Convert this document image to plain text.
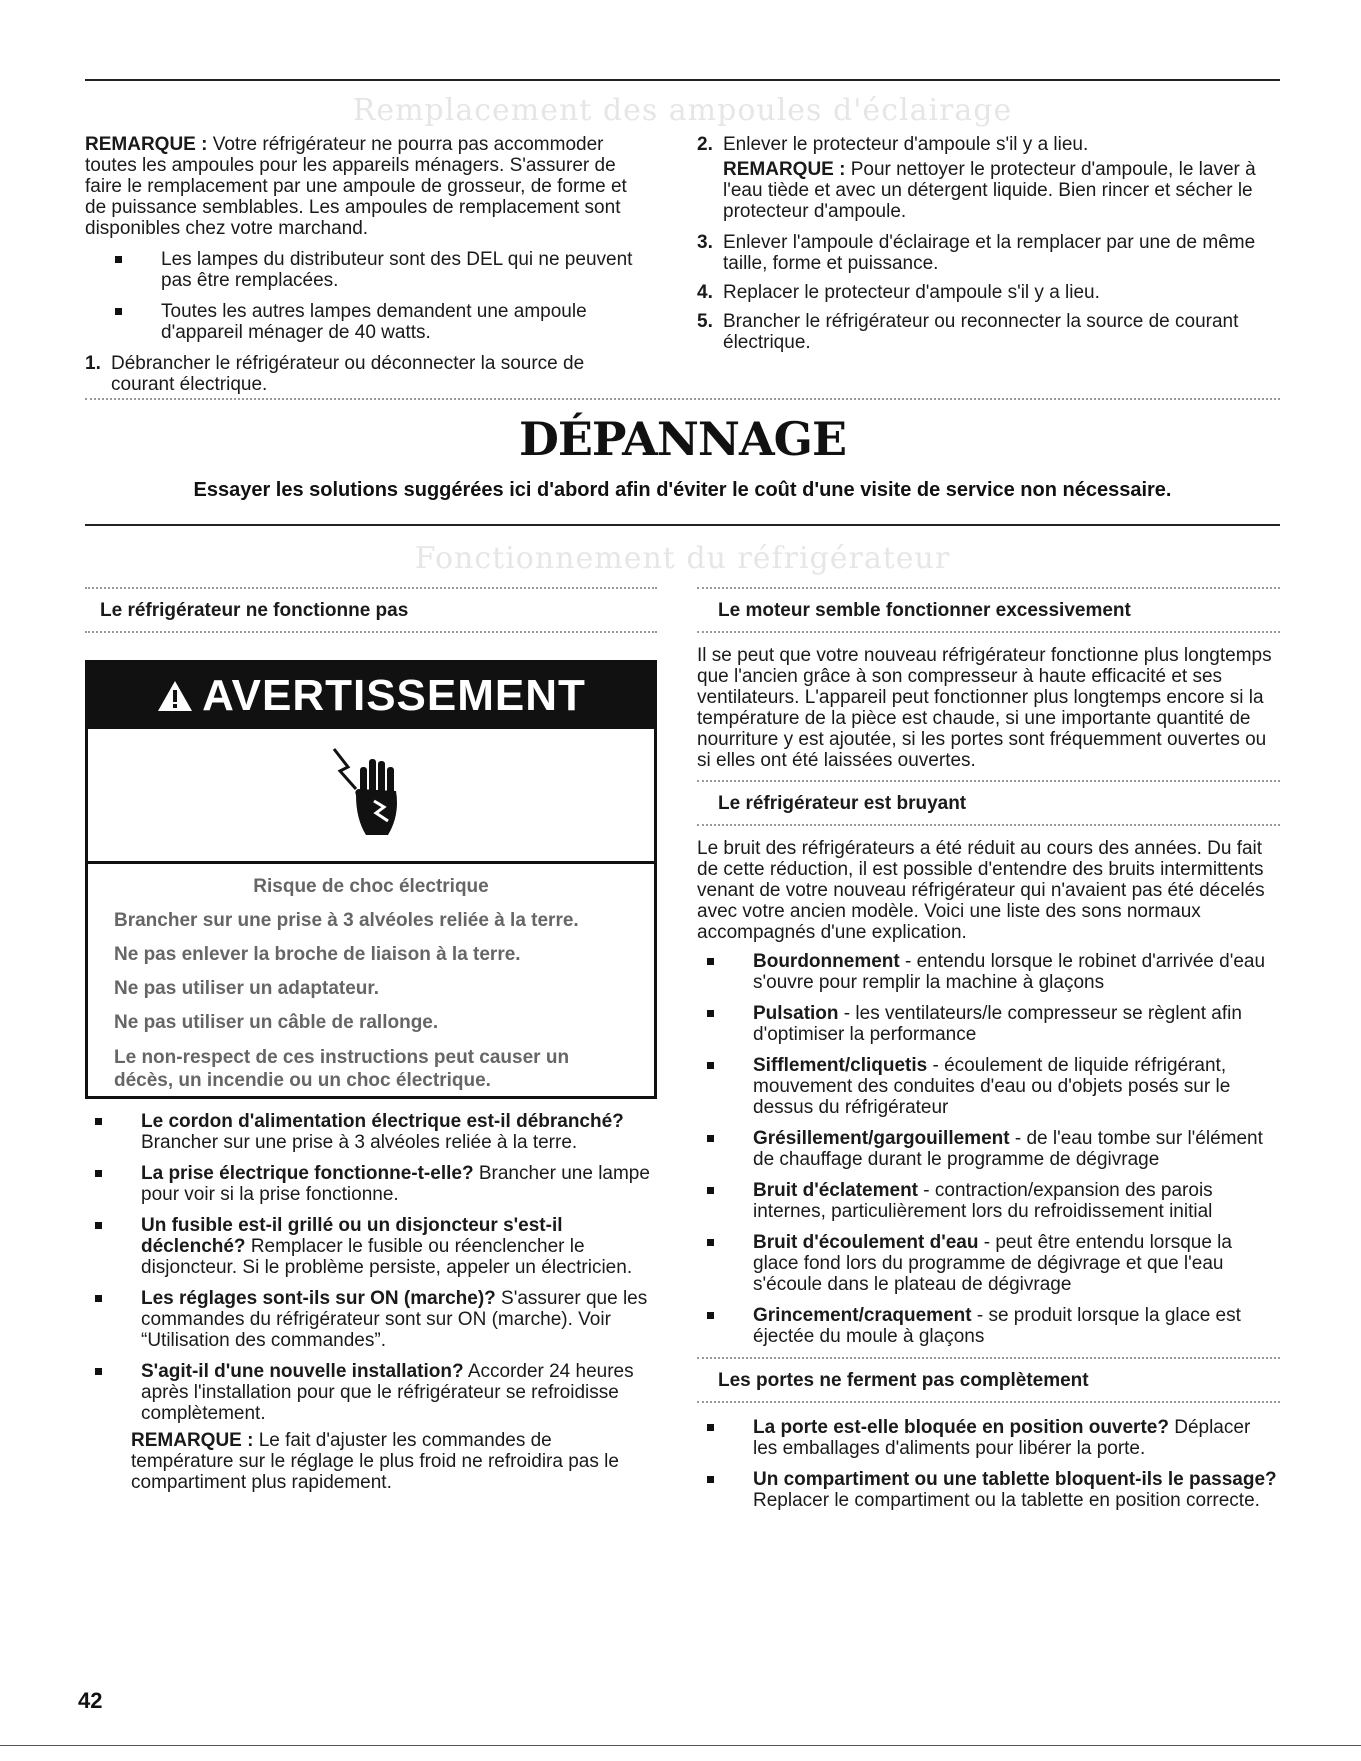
Remplacement des ampoules d'éclairage

REMARQUE : Votre réfrigérateur ne pourra pas accommoder toutes les ampoules pour les appareils ménagers. S'assurer de faire le remplacement par une ampoule de grosseur, de forme et de puissance semblables. Les ampoules de remplacement sont disponibles chez votre marchand.

Les lampes du distributeur sont des DEL qui ne peuvent pas être remplacées.
Toutes les autres lampes demandent une ampoule d'appareil ménager de 40 watts.
1. Débrancher le réfrigérateur ou déconnecter la source de courant électrique.
2. Enlever le protecteur d'ampoule s'il y a lieu.

REMARQUE : Pour nettoyer le protecteur d'ampoule, le laver à l'eau tiède et avec un détergent liquide. Bien rincer et sécher le protecteur d'ampoule.

3. Enlever l'ampoule d'éclairage et la remplacer par une de même taille, forme et puissance.
4. Replacer le protecteur d'ampoule s'il y a lieu.
5. Brancher le réfrigérateur ou reconnecter la source de courant électrique.
DÉPANNAGE
Essayer les solutions suggérées ici d'abord afin d'éviter le coût d'une visite de service non nécessaire.
Fonctionnement du réfrigérateur
Le réfrigérateur ne fonctionne pas
AVERTISSEMENT

Risque de choc électrique

Brancher sur une prise à 3 alvéoles reliée à la terre.

Ne pas enlever la broche de liaison à la terre.

Ne pas utiliser un adaptateur.

Ne pas utiliser un câble de rallonge.

Le non-respect de ces instructions peut causer un décès, un incendie ou un choc électrique.

Le cordon d'alimentation électrique est-il débranché? Brancher sur une prise à 3 alvéoles reliée à la terre.
La prise électrique fonctionne-t-elle? Brancher une lampe pour voir si la prise fonctionne.
Un fusible est-il grillé ou un disjoncteur s'est-il déclenché? Remplacer le fusible ou réenclencher le disjoncteur. Si le problème persiste, appeler un électricien.
Les réglages sont-ils sur ON (marche)? S'assurer que les commandes du réfrigérateur sont sur ON (marche). Voir “Utilisation des commandes”.
S'agit-il d'une nouvelle installation? Accorder 24 heures après l'installation pour que le réfrigérateur se refroidisse complètement.

REMARQUE : Le fait d'ajuster les commandes de température sur le réglage le plus froid ne refroidira pas le compartiment plus rapidement.

Le moteur semble fonctionner excessivement
Il se peut que votre nouveau réfrigérateur fonctionne plus longtemps que l'ancien grâce à son compresseur à haute efficacité et ses ventilateurs. L'appareil peut fonctionner plus longtemps encore si la température de la pièce est chaude, si une importante quantité de nourriture y est ajoutée, si les portes sont fréquemment ouvertes ou si elles ont été laissées ouvertes.
Le réfrigérateur est bruyant

Le bruit des réfrigérateurs a été réduit au cours des années. Du fait de cette réduction, il est possible d'entendre des bruits intermittents venant de votre nouveau réfrigérateur qui n'avaient pas été décelés avec votre ancien modèle. Voici une liste des sons normaux accompagnés d'une explication.

Bourdonnement - entendu lorsque le robinet d'arrivée d'eau s'ouvre pour remplir la machine à glaçons
Pulsation - les ventilateurs/le compresseur se règlent afin d'optimiser la performance
Sifflement/cliquetis - écoulement de liquide réfrigérant, mouvement des conduites d'eau ou d'objets posés sur le dessus du réfrigérateur
Grésillement/gargouillement - de l'eau tombe sur l'élément de chauffage durant le programme de dégivrage
Bruit d'éclatement - contraction/expansion des parois internes, particulièrement lors du refroidissement initial
Bruit d'écoulement d'eau - peut être entendu lorsque la glace fond lors du programme de dégivrage et que l'eau s'écoule dans le plateau de dégivrage
Grincement/craquement - se produit lorsque la glace est éjectée du moule à glaçons
Les portes ne ferment pas complètement
La porte est-elle bloquée en position ouverte? Déplacer les emballages d'aliments pour libérer la porte.
Un compartiment ou une tablette bloquent-ils le passage? Replacer le compartiment ou la tablette en position correcte.
42
